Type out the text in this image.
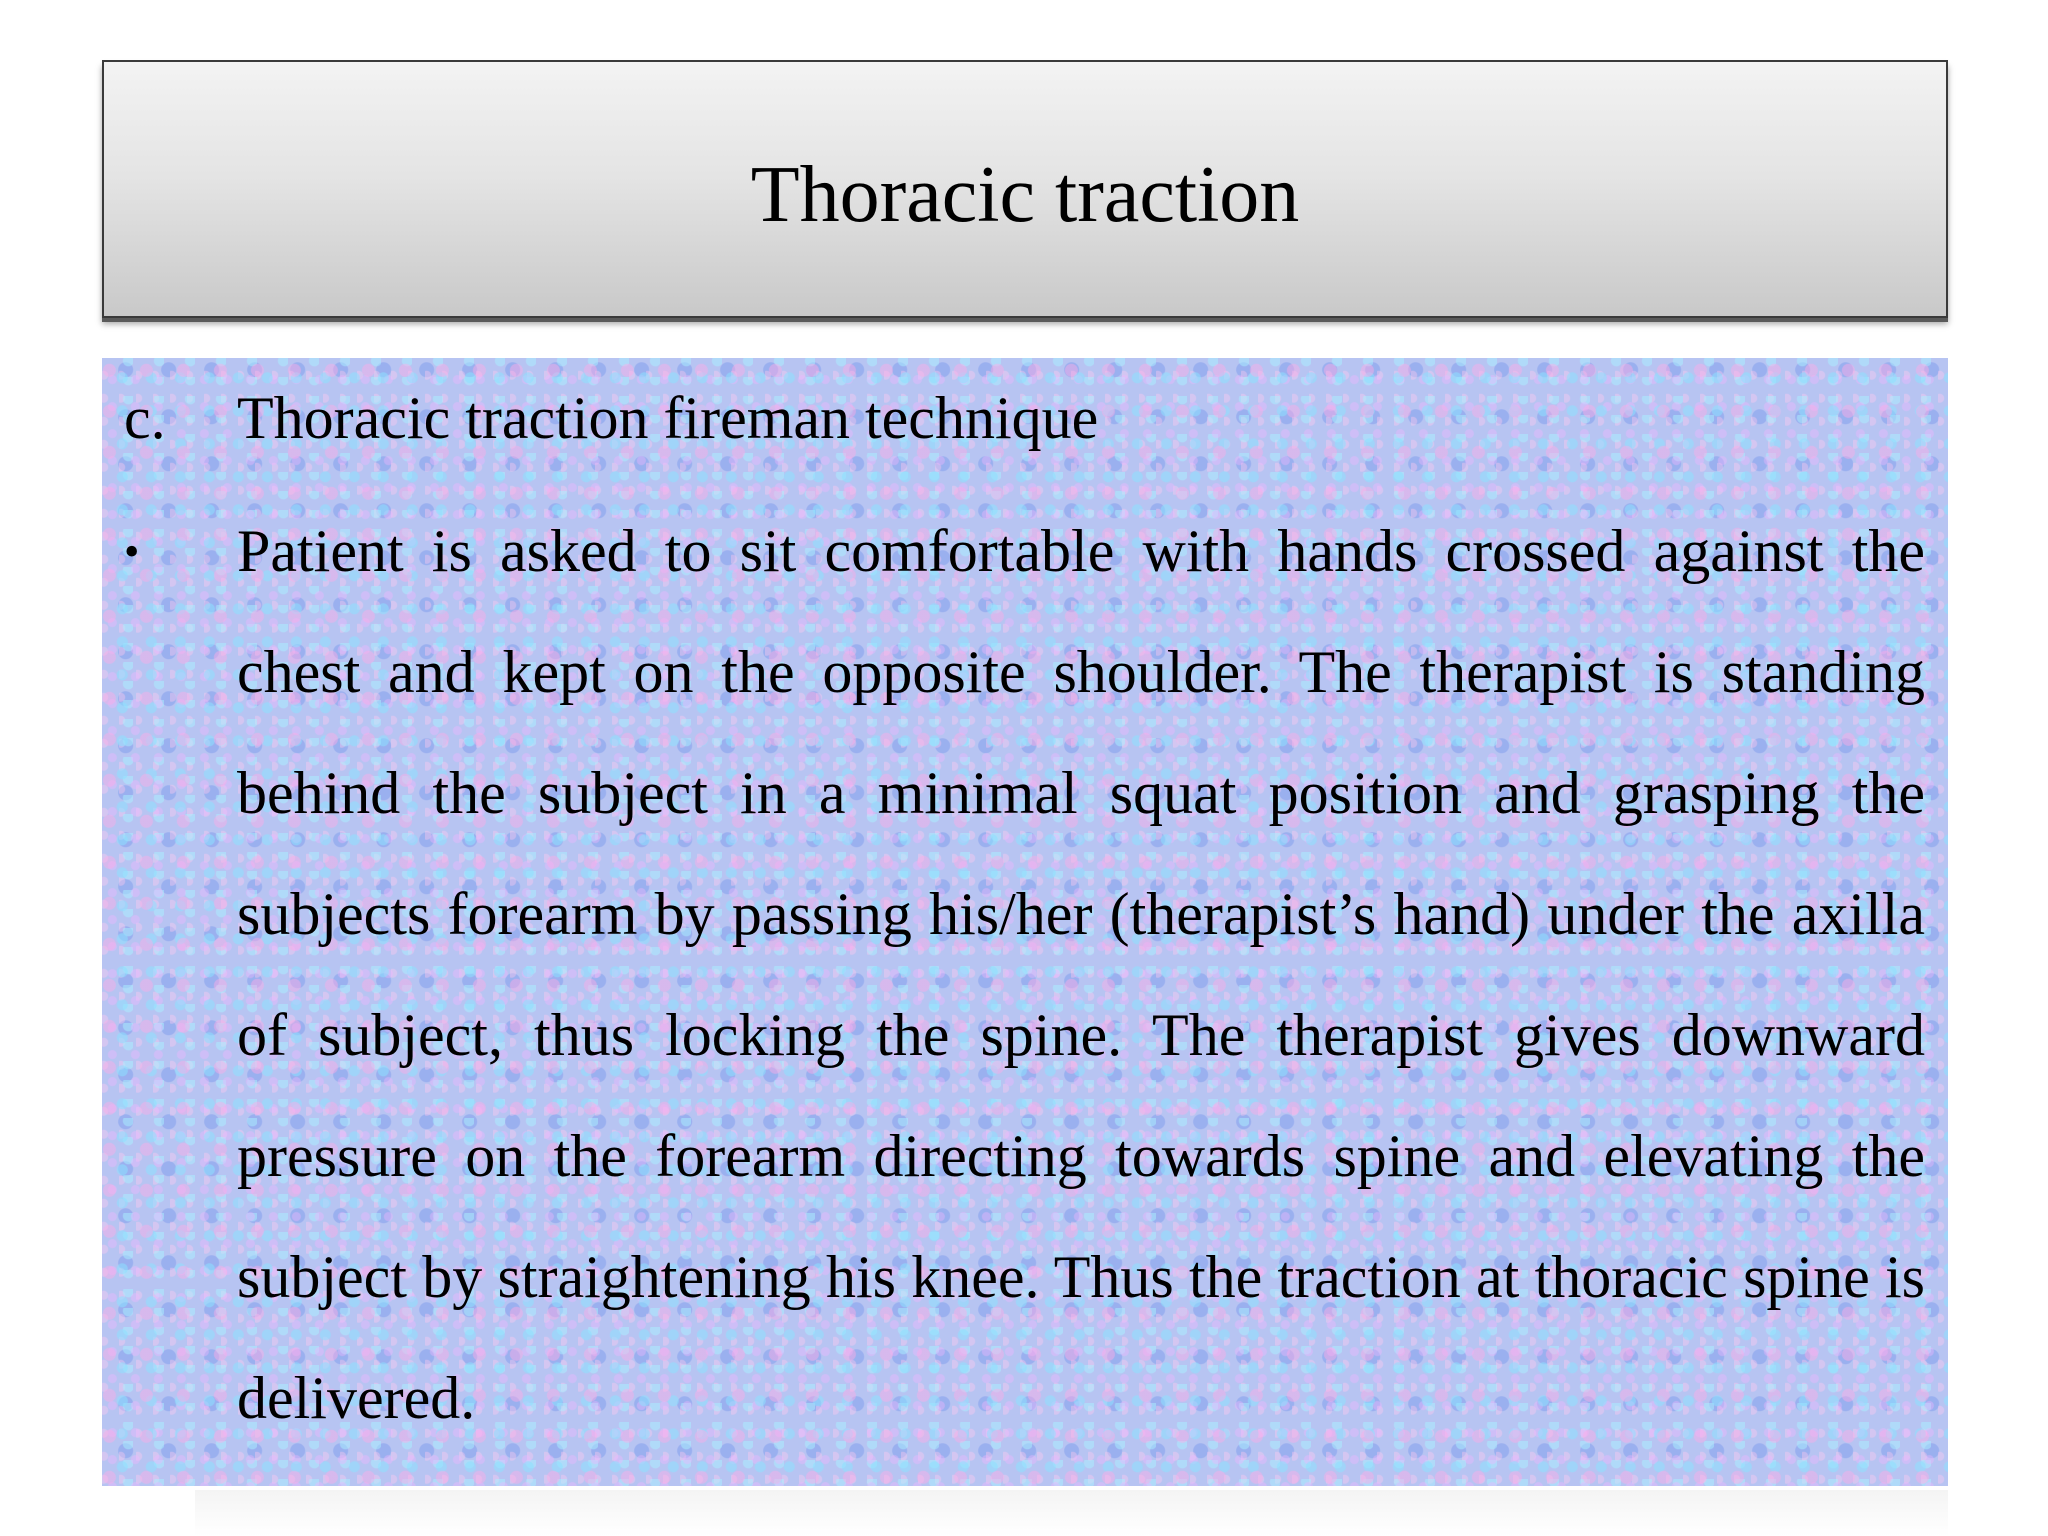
Thoracic traction
c. Thoracic traction fireman technique
• Patient is asked to sit comfortable with hands crossed against the chest and kept on the opposite shoulder. The therapist is standing behind the subject in a minimal squat position and grasping the subjects forearm by passing his/her (therapist’s hand) under the axilla of subject, thus locking the spine. The therapist gives downward pressure on the forearm directing towards spine and elevating the subject by straightening his knee. Thus the traction at thoracic spine is delivered.
